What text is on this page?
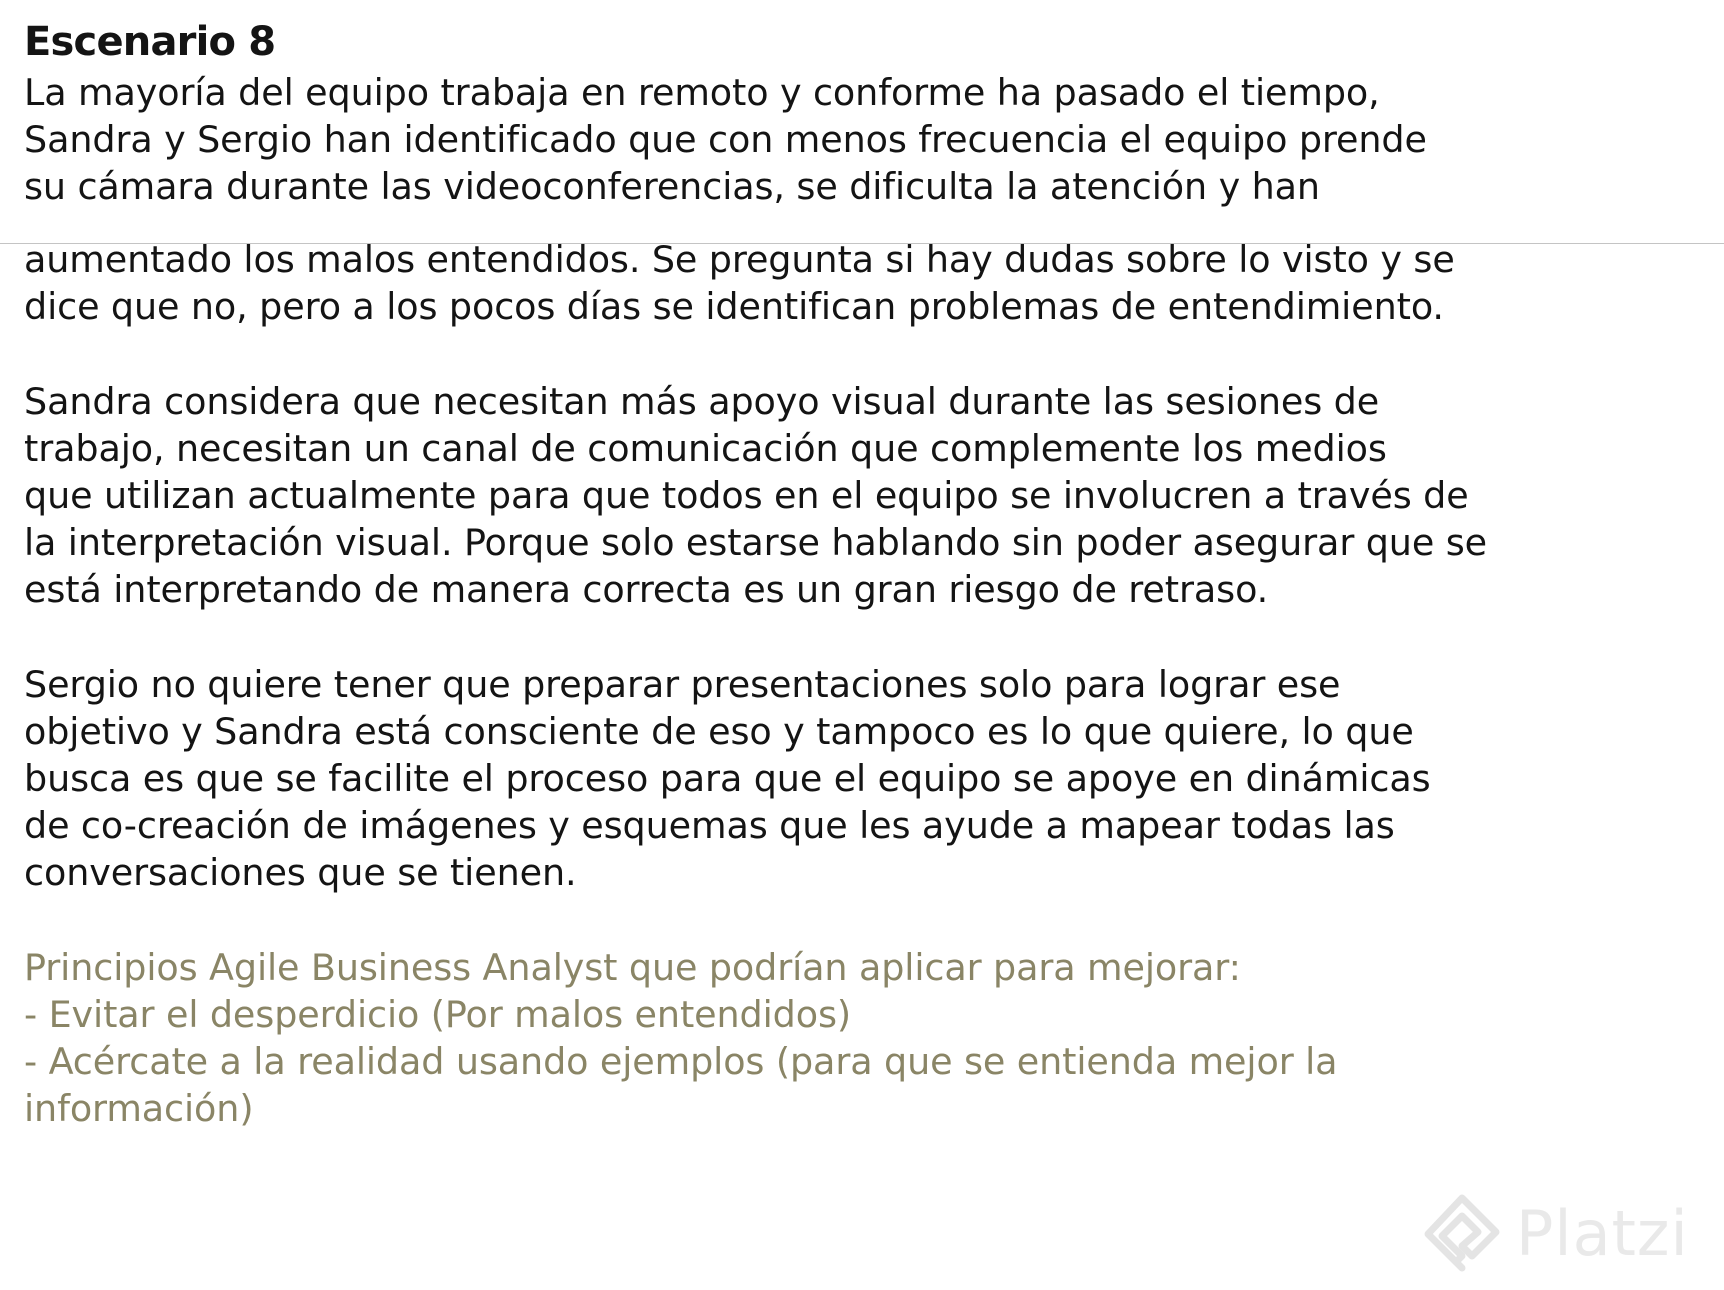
Escenario 8
La mayoría del equipo trabaja en remoto y conforme ha pasado el tiempo,
Sandra y Sergio han identificado que con menos frecuencia el equipo prende
su cámara durante las videoconferencias, se dificulta la atención y han
aumentado los malos entendidos. Se pregunta si hay dudas sobre lo visto y se
dice que no, pero a los pocos días se identifican problemas de entendimiento.
Sandra considera que necesitan más apoyo visual durante las sesiones de
trabajo, necesitan un canal de comunicación que complemente los medios
que utilizan actualmente para que todos en el equipo se involucren a través de
la interpretación visual. Porque solo estarse hablando sin poder asegurar que se
está interpretando de manera correcta es un gran riesgo de retraso.
Sergio no quiere tener que preparar presentaciones solo para lograr ese
objetivo y Sandra está consciente de eso y tampoco es lo que quiere, lo que
busca es que se facilite el proceso para que el equipo se apoye en dinámicas
de co-creación de imágenes y esquemas que les ayude a mapear todas las
conversaciones que se tienen.
Principios Agile Business Analyst que podrían aplicar para mejorar:
- Evitar el desperdicio (Por malos entendidos)
- Acércate a la realidad usando ejemplos (para que se entienda mejor la
información)
Platzi
